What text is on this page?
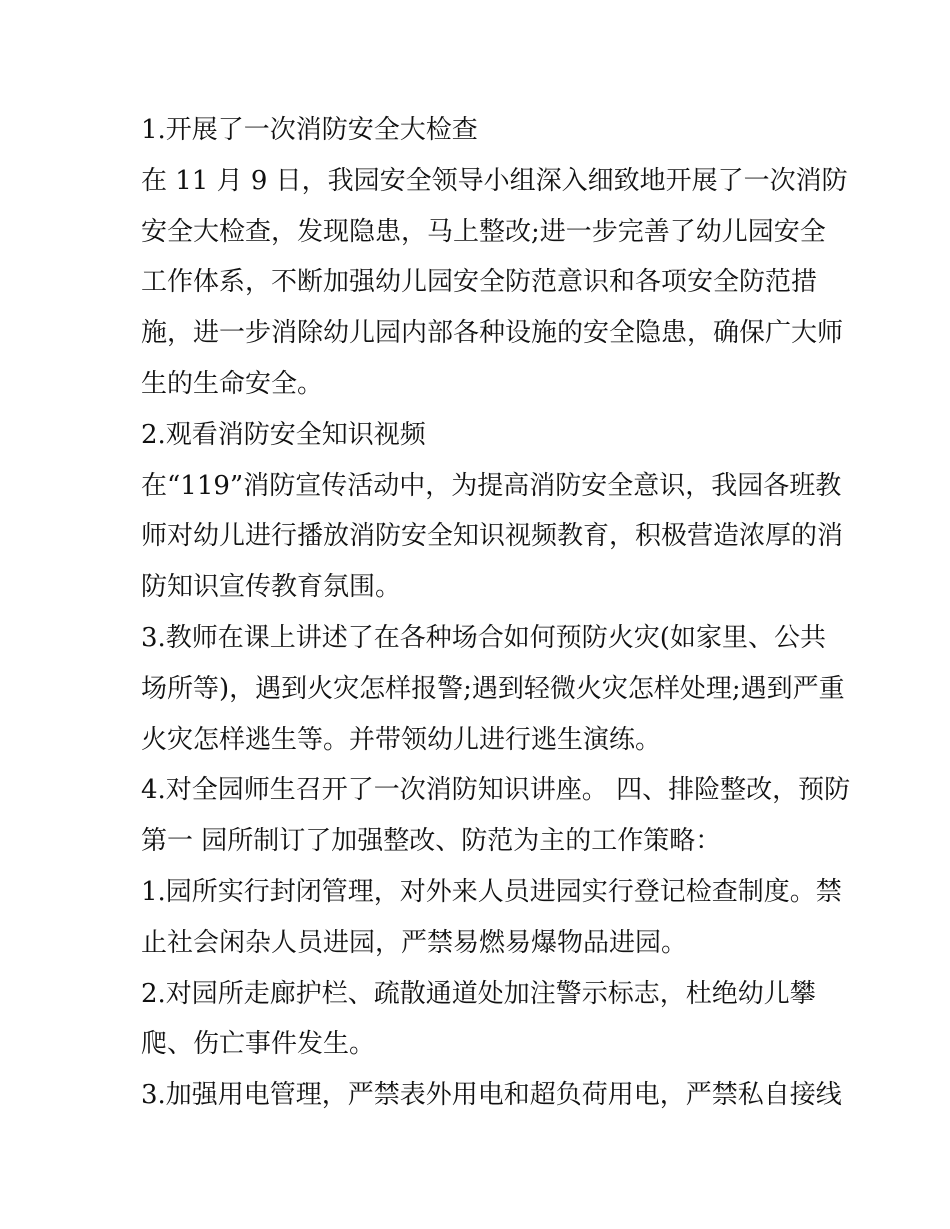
1.开展了一次消防安全大检查

在 11 月 9 日，我园安全领导小组深入细致地开展了一次消防

安全大检查，发现隐患，马上整改;进一步完善了幼儿园安全

工作体系，不断加强幼儿园安全防范意识和各项安全防范措

施，进一步消除幼儿园内部各种设施的安全隐患，确保广大师

生的生命安全。

2.观看消防安全知识视频

在“119”消防宣传活动中，为提高消防安全意识，我园各班教

师对幼儿进行播放消防安全知识视频教育，积极营造浓厚的消

防知识宣传教育氛围。

3.教师在课上讲述了在各种场合如何预防火灾(如家里、公共

场所等)，遇到火灾怎样报警;遇到轻微火灾怎样处理;遇到严重

火灾怎样逃生等。并带领幼儿进行逃生演练。

4.对全园师生召开了一次消防知识讲座。 四、排险整改，预防

第一 园所制订了加强整改、防范为主的工作策略：

1.园所实行封闭管理，对外来人员进园实行登记检查制度。禁

止社会闲杂人员进园，严禁易燃易爆物品进园。

2.对园所走廊护栏、疏散通道处加注警示标志，杜绝幼儿攀

爬、伤亡事件发生。

3.加强用电管理，严禁表外用电和超负荷用电，严禁私自接线
